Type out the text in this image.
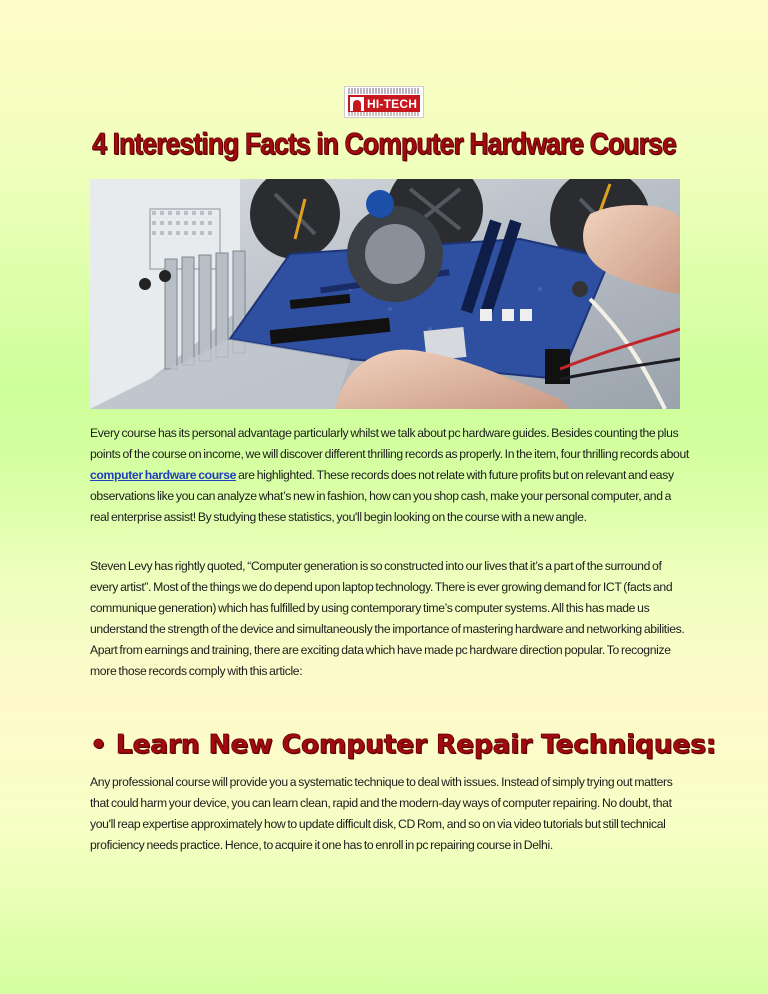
HI-TECH
4 Interesting Facts in Computer Hardware Course
Every course has its personal advantage particularly whilst we talk about pc hardware guides. Besides counting the plus points of the course on income, we will discover different thrilling records as properly. In the item, four thrilling records about computer hardware course are highlighted. These records does not relate with future profits but on relevant and easy observations like you can analyze what’s new in fashion, how can you shop cash, make your personal computer, and a real enterprise assist! By studying these statistics, you'll begin looking on the course with a new angle.
Steven Levy has rightly quoted, “Computer generation is so constructed into our lives that it’s a part of the surround of every artist”. Most of the things we do depend upon laptop technology. There is ever growing demand for ICT (facts and communique generation) which has fulfilled by using contemporary time’s computer systems. All this has made us understand the strength of the device and simultaneously the importance of mastering hardware and networking abilities. Apart from earnings and training, there are exciting data which have made pc hardware direction popular. To recognize more those records comply with this article:
• Learn New Computer Repair Techniques:
Any professional course will provide you a systematic technique to deal with issues. Instead of simply trying out matters that could harm your device, you can learn clean, rapid and the modern-day ways of computer repairing. No doubt, that you'll reap expertise approximately how to update difficult disk, CD Rom, and so on via video tutorials but still technical proficiency needs practice. Hence, to acquire it one has to enroll in pc repairing course in Delhi.
